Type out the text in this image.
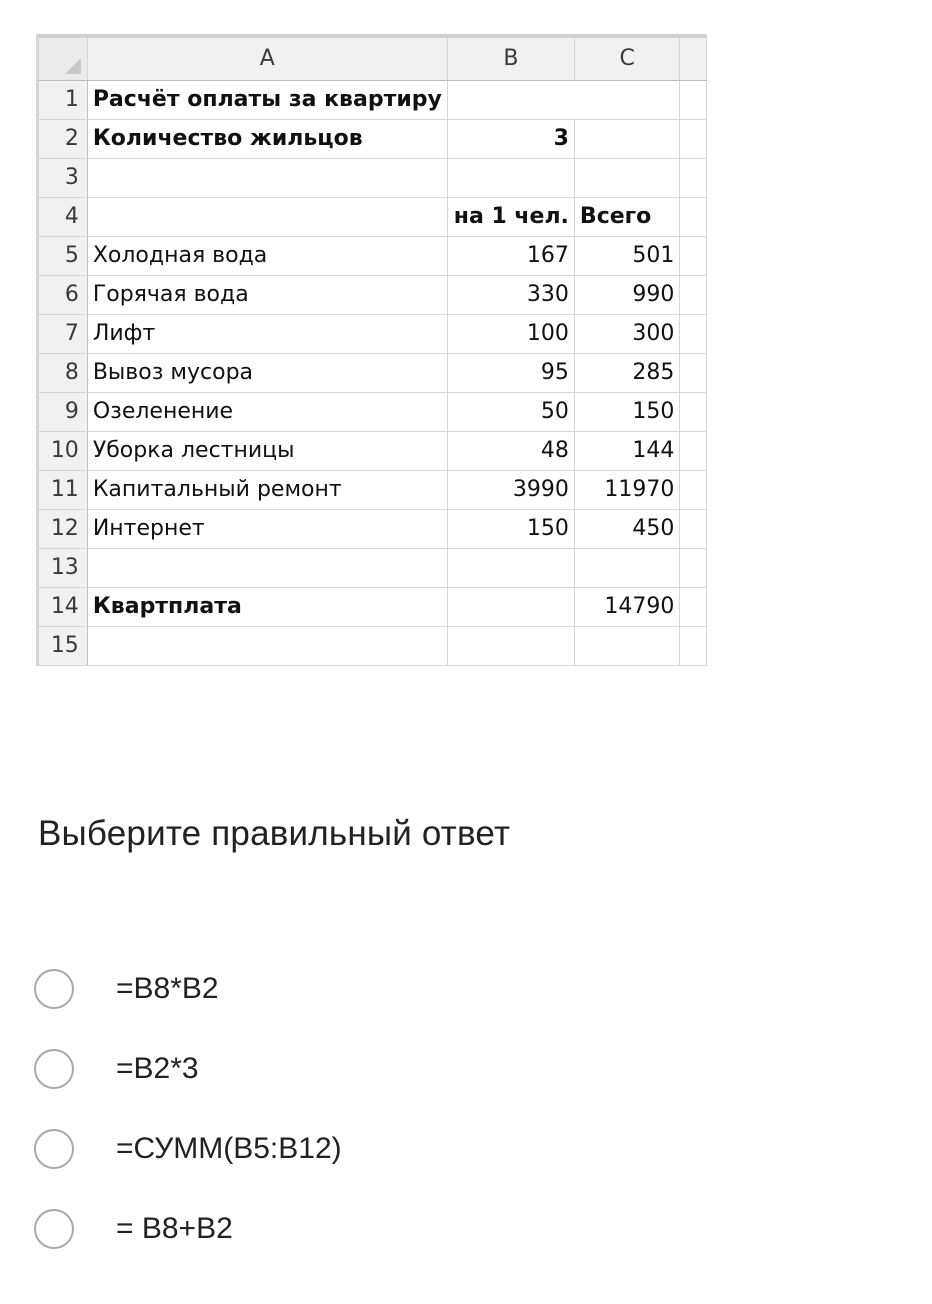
	A	B	C	
1	Расчёт оплаты за квартиру			
2	Количество жильцов	3		
3				
4		на 1 чел.	Всего	
5	Холодная вода	167	501	
6	Горячая вода	330	990	
7	Лифт	100	300	
8	Вывоз мусора	95	285	
9	Озеленение	50	150	
10	Уборка лестницы	48	144	
11	Капитальный ремонт	3990	11970	
12	Интернет	150	450	
13				
14	Квартплата		14790	
15				
Выберите правильный ответ
=B8*B2
=B2*3
=СУММ(B5:B12)
= B8+B2
